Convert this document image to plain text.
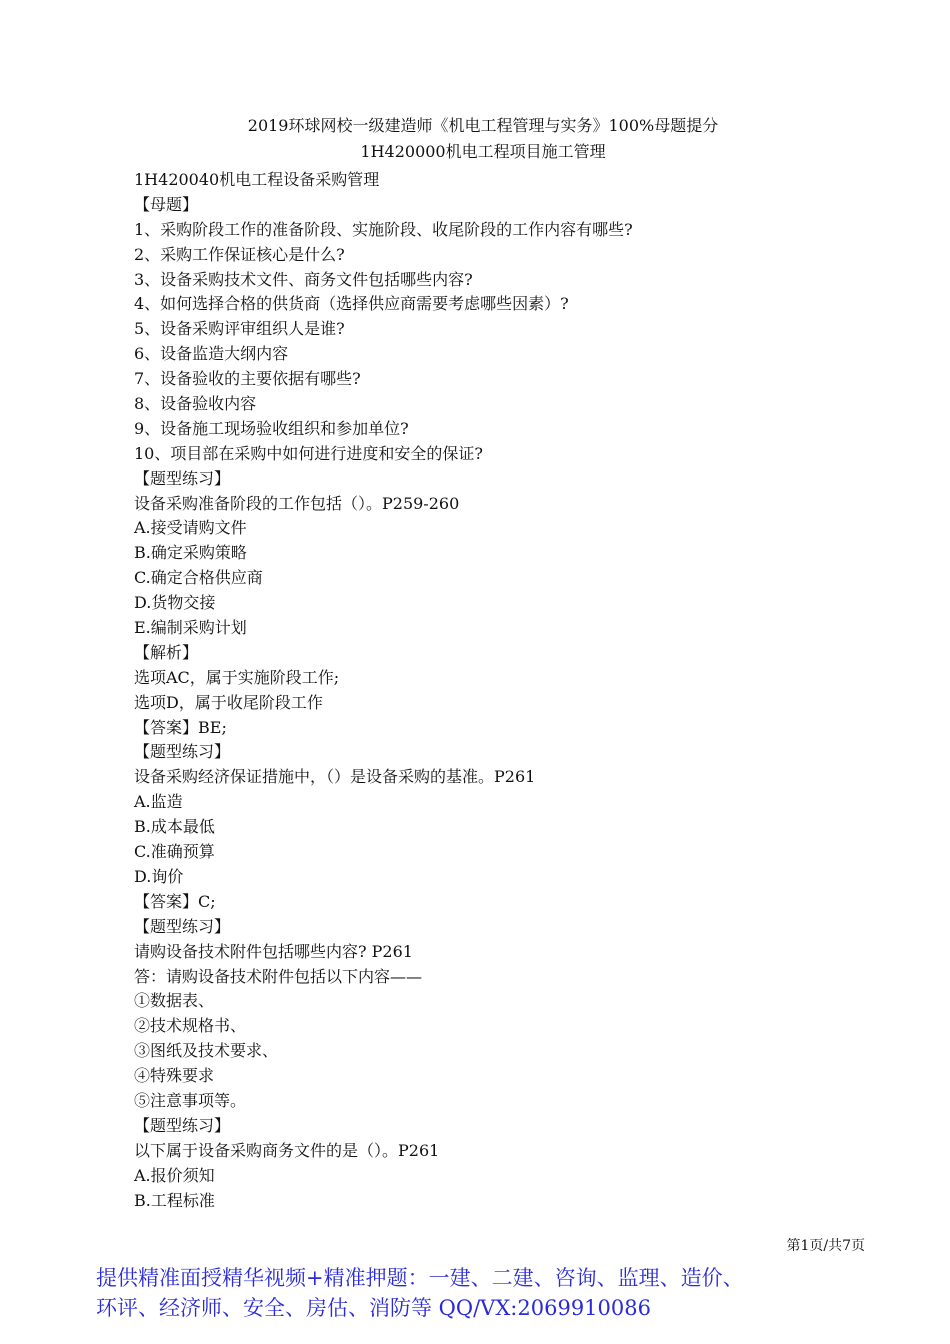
2019环球网校一级建造师《机电工程管理与实务》100%母题提分
1H420000机电工程项目施工管理
1H420040机电工程设备采购管理
【母题】
1、采购阶段工作的准备阶段、实施阶段、收尾阶段的工作内容有哪些?
2、采购工作保证核心是什么?
3、设备采购技术文件、商务文件包括哪些内容?
4、如何选择合格的供货商（选择供应商需要考虑哪些因素）?
5、设备采购评审组织人是谁?
6、设备监造大纲内容
7、设备验收的主要依据有哪些?
8、设备验收内容
9、设备施工现场验收组织和参加单位?
10、项目部在采购中如何进行进度和安全的保证?
【题型练习】
设备采购准备阶段的工作包括（）。P259-260
A.接受请购文件
B.确定采购策略
C.确定合格供应商
D.货物交接
E.编制采购计划
【解析】
选项AC，属于实施阶段工作;
选项D，属于收尾阶段工作
【答案】BE;
【题型练习】
设备采购经济保证措施中，（）是设备采购的基准。P261
A.监造
B.成本最低
C.准确预算
D.询价
【答案】C;
【题型练习】
请购设备技术附件包括哪些内容? P261
答：请购设备技术附件包括以下内容——
①数据表、
②技术规格书、
③图纸及技术要求、
④特殊要求
⑤注意事项等。
【题型练习】
以下属于设备采购商务文件的是（）。P261
A.报价须知
B.工程标准
第1页/共7页
提供精准面授精华视频+精准押题：一建、二建、咨询、监理、造价、
环评、经济师、安全、房估、消防等 QQ/VX:2069910086
